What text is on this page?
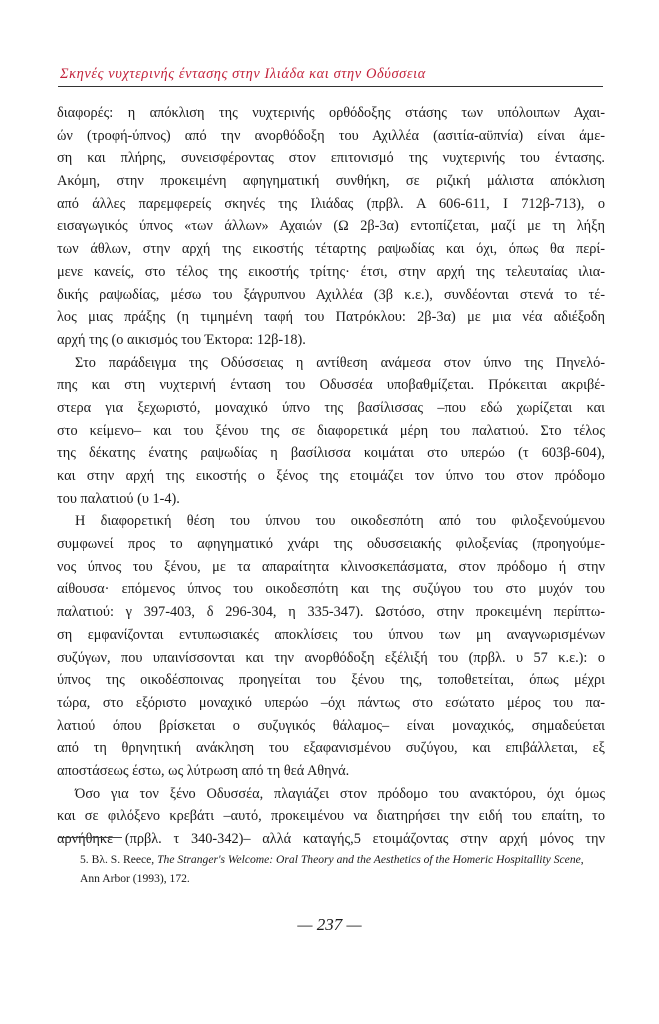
Σκηνές νυχτερινής έντασης στην Ιλιάδα και στην Οδύσσεια
διαφορές: η απόκλιση της νυχτερινής ορθόδοξης στάσης των υπόλοιπων Αχαι-
ών (τροφή-ύπνος) από την ανορθόδοξη του Αχιλλέα (ασιτία-αϋπνία) είναι άμε-
ση και πλήρης, συνεισφέροντας στον επιτονισμό της νυχτερινής του έντασης.
Ακόμη, στην προκειμένη αφηγηματική συνθήκη, σε ριζική μάλιστα απόκλιση
από άλλες παρεμφερείς σκηνές της Ιλιάδας (πρβλ. Α 606-611, Ι 712β-713), ο
εισαγωγικός ύπνος «των άλλων» Αχαιών (Ω 2β-3α) εντοπίζεται, μαζί με τη λήξη
των άθλων, στην αρχή της εικοστής τέταρτης ραψωδίας και όχι, όπως θα περί-
μενε κανείς, στο τέλος της εικοστής τρίτης· έτσι, στην αρχή της τελευταίας ιλια-
δικής ραψωδίας, μέσω του ξάγρυπνου Αχιλλέα (3β κ.ε.), συνδέονται στενά το τέ-
λος μιας πράξης (η τιμημένη ταφή του Πατρόκλου: 2β-3α) με μια νέα αδιέξοδη
αρχή της (ο αικισμός του Έκτορα: 12β-18).
Στο παράδειγμα της Οδύσσειας η αντίθεση ανάμεσα στον ύπνο της Πηνελό-
πης και στη νυχτερινή ένταση του Οδυσσέα υποβαθμίζεται. Πρόκειται ακριβέ-
στερα για ξεχωριστό, μοναχικό ύπνο της βασίλισσας –που εδώ χωρίζεται και
στο κείμενο– και του ξένου της σε διαφορετικά μέρη του παλατιού. Στο τέλος
της δέκατης ένατης ραψωδίας η βασίλισσα κοιμάται στο υπερώο (τ 603β-604),
και στην αρχή της εικοστής ο ξένος της ετοιμάζει τον ύπνο του στον πρόδομο
του παλατιού (υ 1-4).
Η διαφορετική θέση του ύπνου του οικοδεσπότη από του φιλοξενούμενου
συμφωνεί προς το αφηγηματικό χνάρι της οδυσσειακής φιλοξενίας (προηγούμε-
νος ύπνος του ξένου, με τα απαραίτητα κλινοσκεπάσματα, στον πρόδομο ή στην
αίθουσα· επόμενος ύπνος του οικοδεσπότη και της συζύγου του στο μυχόν του
παλατιού: γ 397-403, δ 296-304, η 335-347). Ωστόσο, στην προκειμένη περίπτω-
ση εμφανίζονται εντυπωσιακές αποκλίσεις του ύπνου των μη αναγνωρισμένων
συζύγων, που υπαινίσσονται και την ανορθόδοξη εξέλιξή του (πρβλ. υ 57 κ.ε.): ο
ύπνος της οικοδέσποινας προηγείται του ξένου της, τοποθετείται, όπως μέχρι
τώρα, στο εξόριστο μοναχικό υπερώο –όχι πάντως στο εσώτατο μέρος του πα-
λατιού όπου βρίσκεται ο συζυγικός θάλαμος– είναι μοναχικός, σημαδεύεται
από τη θρηνητική ανάκληση του εξαφανισμένου συζύγου, και επιβάλλεται, εξ
αποστάσεως έστω, ως λύτρωση από τη θεά Αθηνά.
Όσο για τον ξένο Οδυσσέα, πλαγιάζει στον πρόδομο του ανακτόρου, όχι όμως
και σε φιλόξενο κρεβάτι –αυτό, προκειμένου να διατηρήσει την ειδή του επαίτη, το
αρνήθηκε (πρβλ. τ 340-342)– αλλά καταγής,5 ετοιμάζοντας στην αρχή μόνος την
5. Βλ. S. Reece, The Stranger's Welcome: Oral Theory and the Aesthetics of the Homeric Hospitallity Scene, Ann Arbor (1993), 172.
— 237 —
